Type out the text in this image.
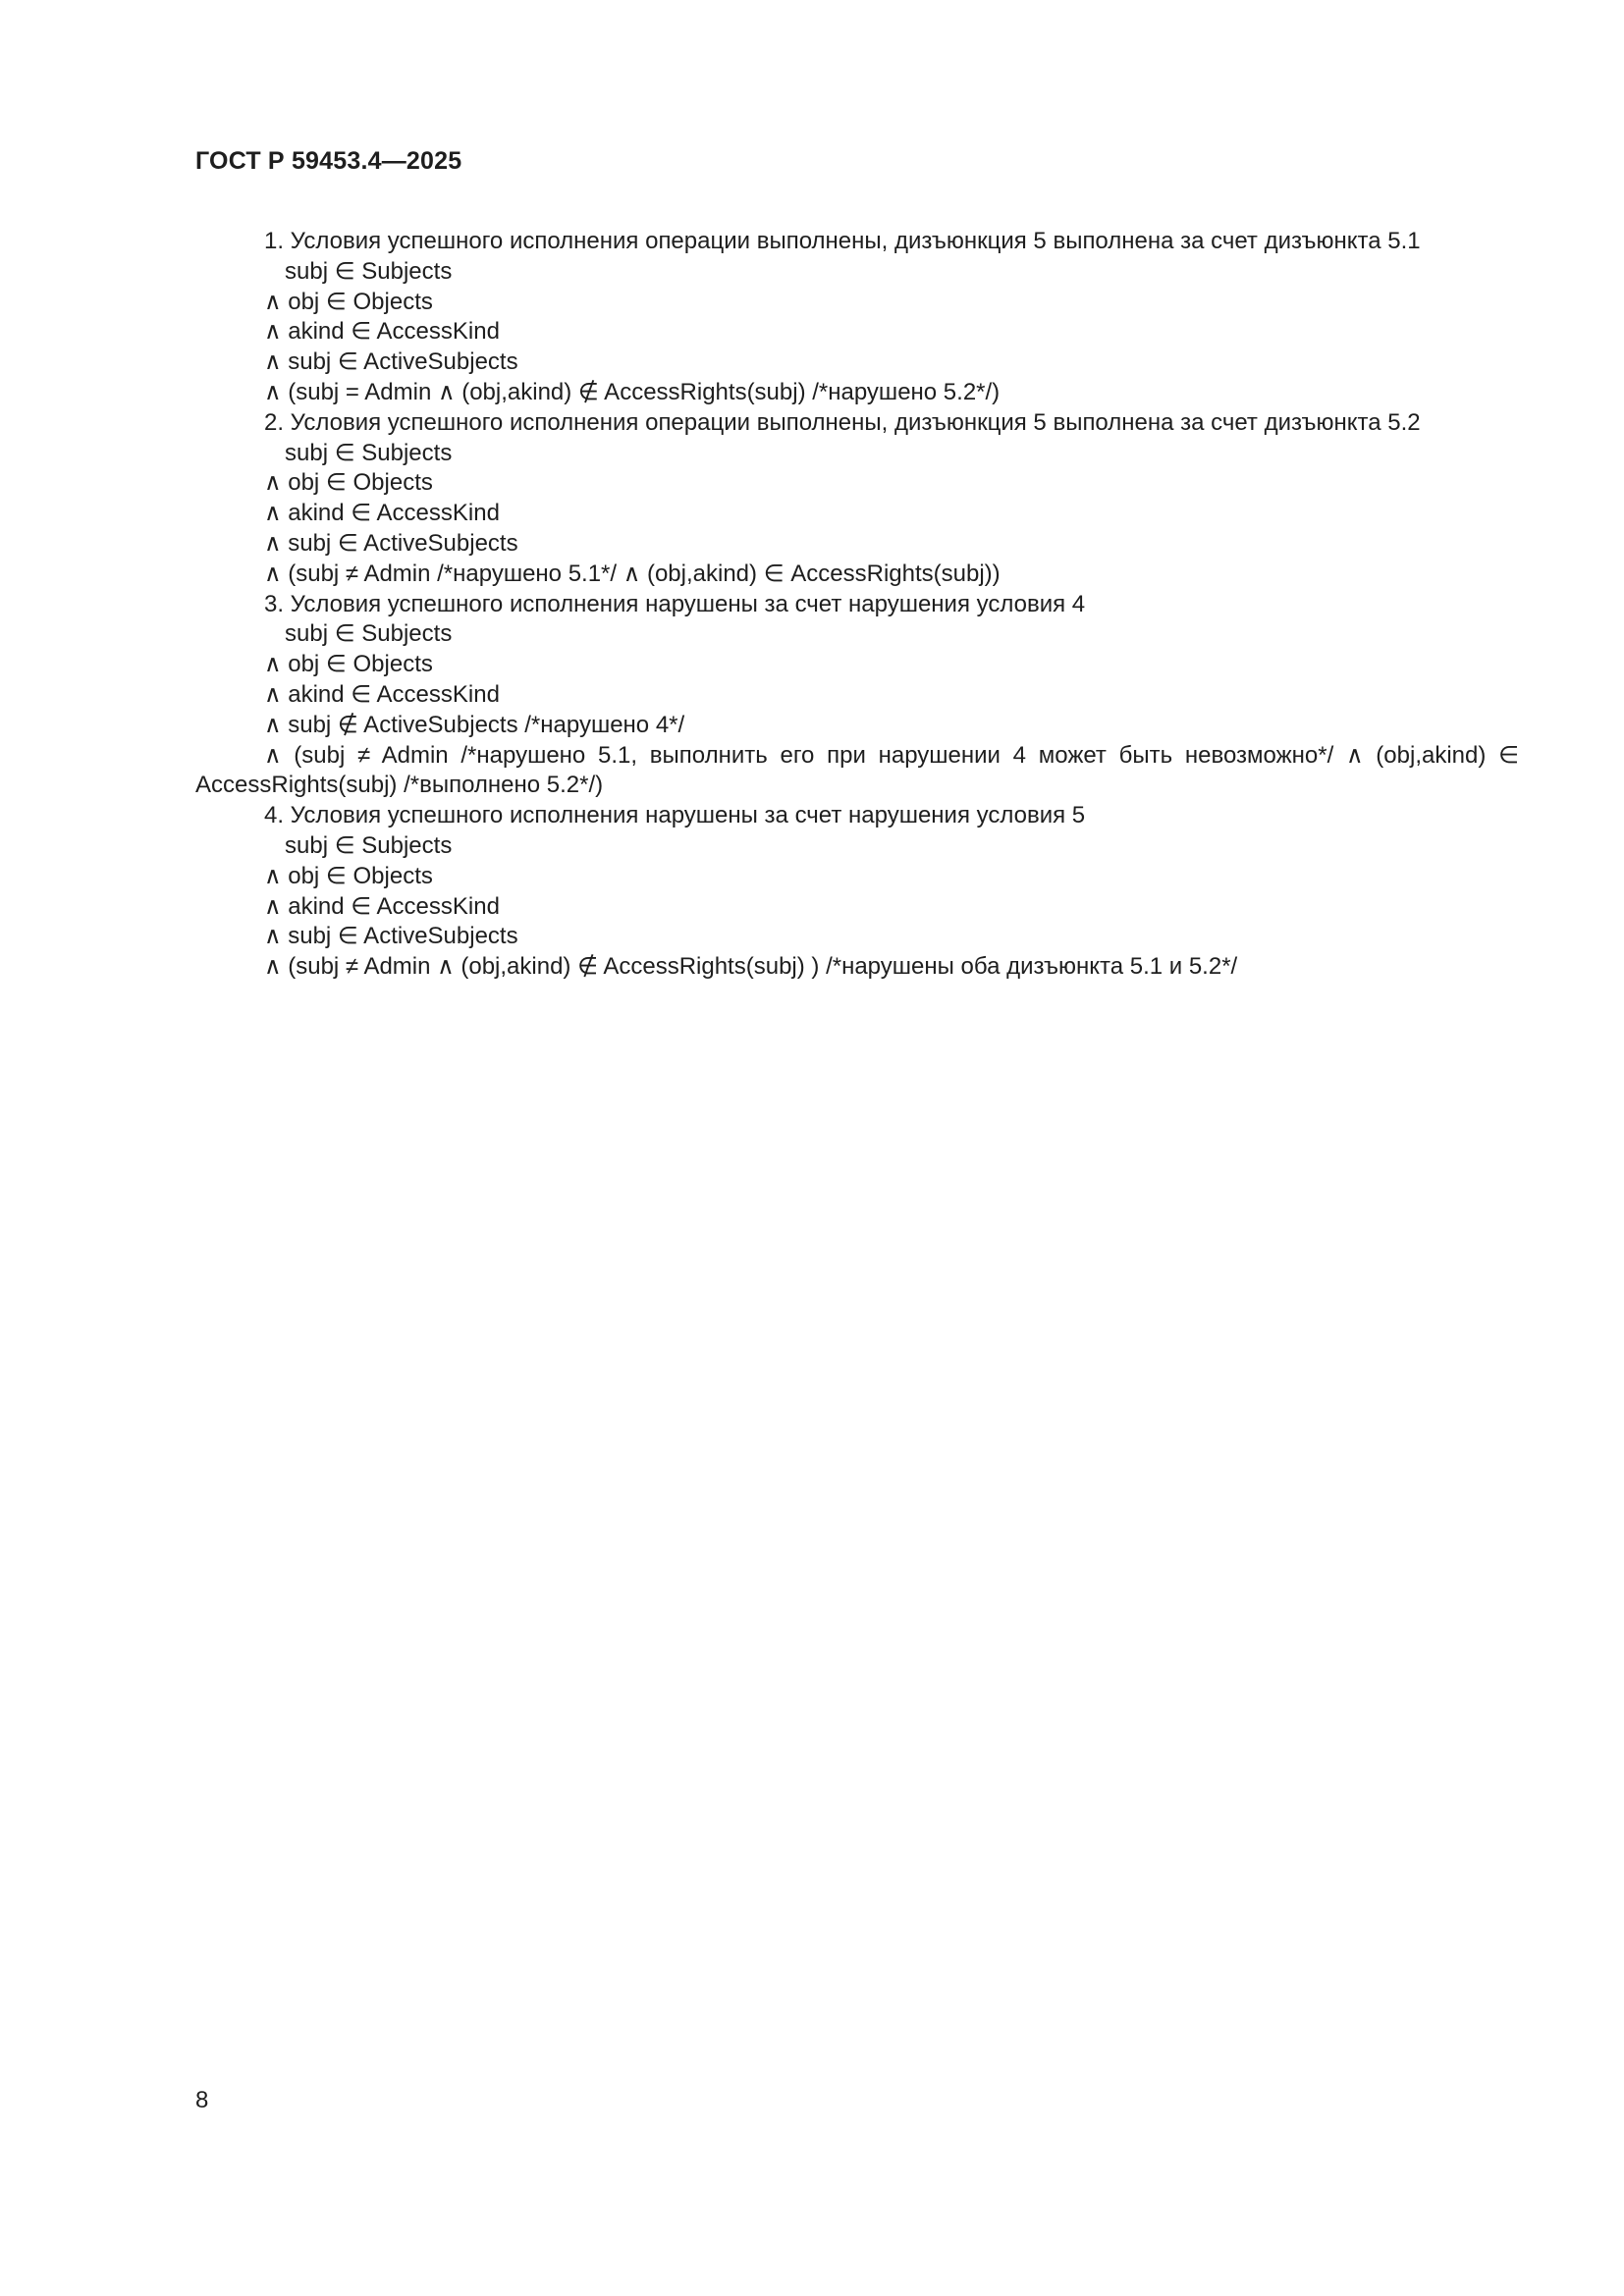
ГОСТ Р 59453.4—2025
1. Условия успешного исполнения операции выполнены, дизъюнкция 5 выполнена за счет дизъюнкта 5.1
subj ∈ Subjects
∧ obj ∈ Objects
∧ akind ∈ AccessKind
∧ subj ∈ ActiveSubjects
∧ (subj = Admin ∧ (obj,akind) ∉ AccessRights(subj) /*нарушено 5.2*/)
2. Условия успешного исполнения операции выполнены, дизъюнкция 5 выполнена за счет дизъюнкта 5.2
subj ∈ Subjects
∧ obj ∈ Objects
∧ akind ∈ AccessKind
∧ subj ∈ ActiveSubjects
∧ (subj ≠ Admin /*нарушено 5.1*/ ∧ (obj,akind) ∈ AccessRights(subj))
3. Условия успешного исполнения нарушены за счет нарушения условия 4
subj ∈ Subjects
∧ obj ∈ Objects
∧ akind ∈ AccessKind
∧ subj ∉ ActiveSubjects /*нарушено 4*/
∧ (subj ≠ Admin /*нарушено 5.1, выполнить его при нарушении 4 может быть невозможно*/ ∧ (obj,akind) ∈ AccessRights(subj) /*выполнено 5.2*/)
4. Условия успешного исполнения нарушены за счет нарушения условия 5
subj ∈ Subjects
∧ obj ∈ Objects
∧ akind ∈ AccessKind
∧ subj ∈ ActiveSubjects
∧ (subj ≠ Admin ∧ (obj,akind) ∉ AccessRights(subj) ) /*нарушены оба дизъюнкта 5.1 и 5.2*/
8
